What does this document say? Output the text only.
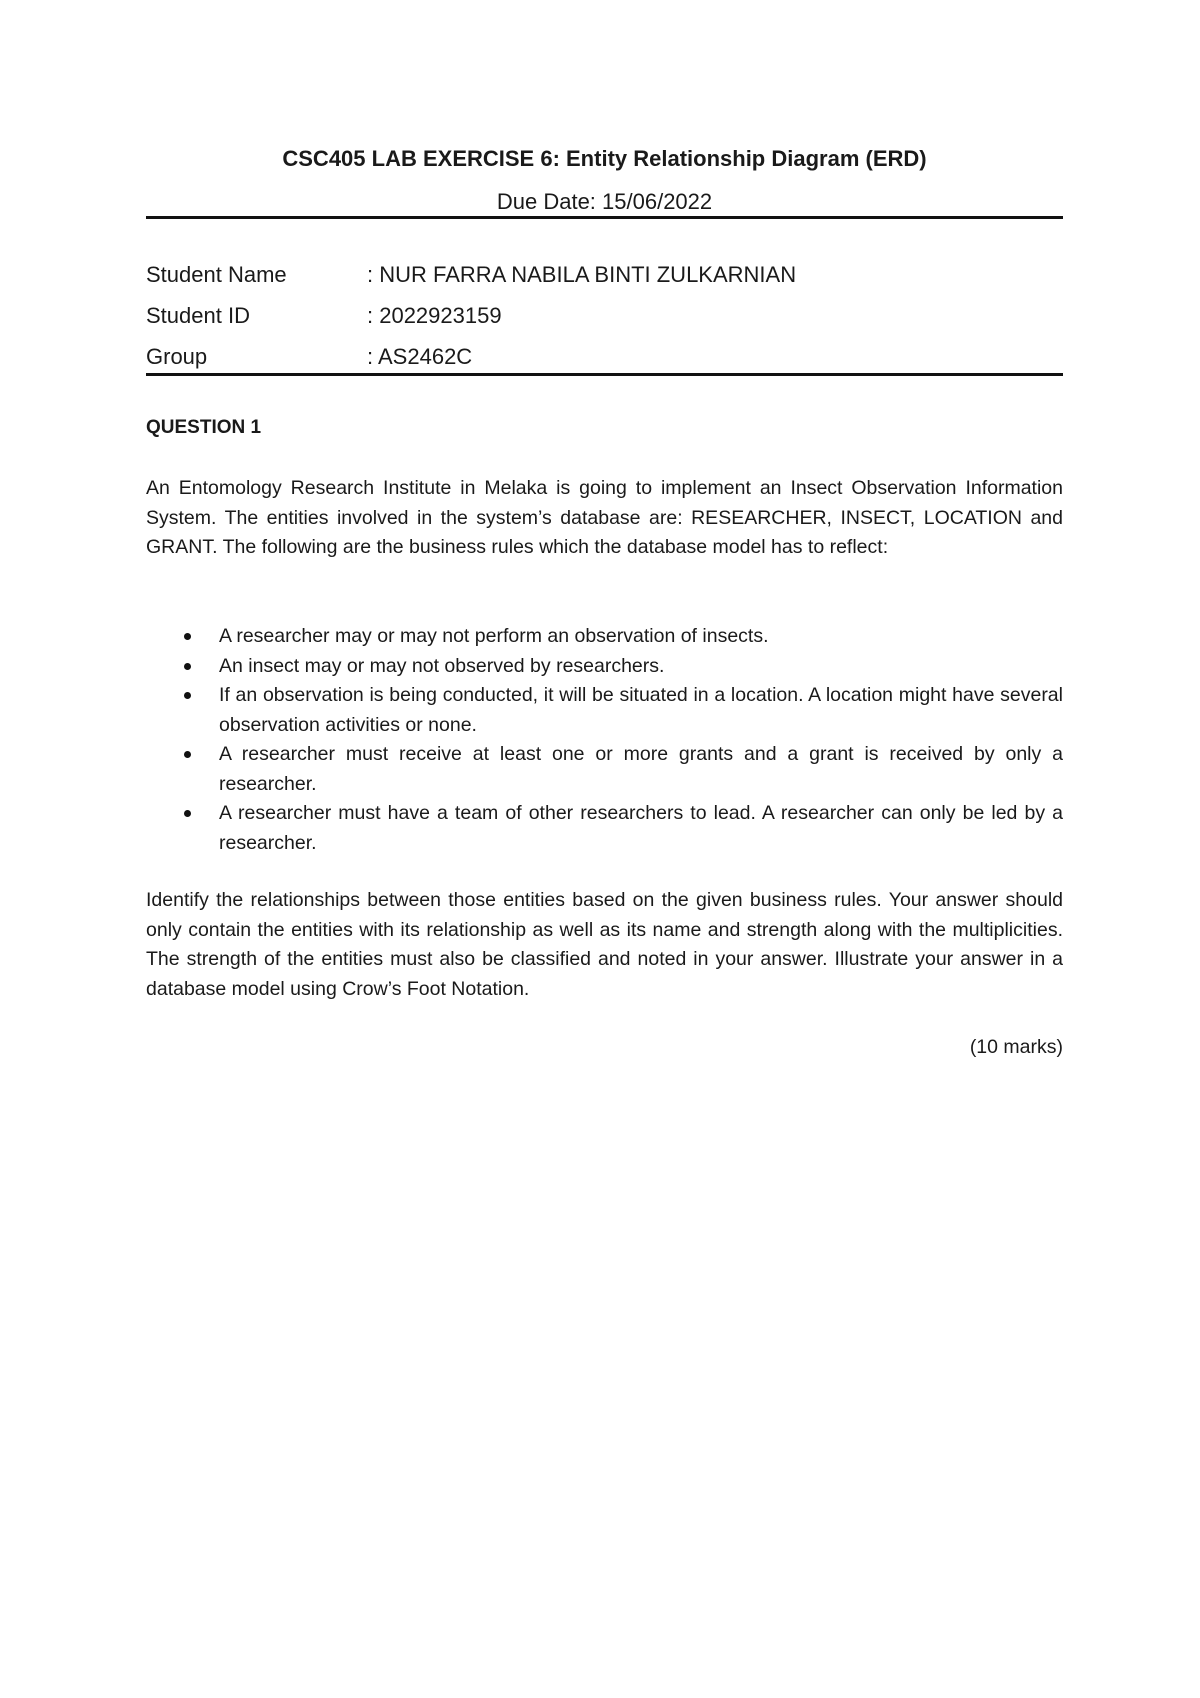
CSC405 LAB EXERCISE 6: Entity Relationship Diagram (ERD)
Due Date: 15/06/2022
Student Name	: NUR FARRA NABILA BINTI ZULKARNIAN
Student ID	: 2022923159
Group	: AS2462C
QUESTION 1
An Entomology Research Institute in Melaka is going to implement an Insect Observation Information System. The entities involved in the system’s database are: RESEARCHER, INSECT, LOCATION and GRANT. The following are the business rules which the database model has to reflect:
A researcher may or may not perform an observation of insects.
An insect may or may not observed by researchers.
If an observation is being conducted, it will be situated in a location. A location might have several observation activities or none.
A researcher must receive at least one or more grants and a grant is received by only a researcher.
A researcher must have a team of other researchers to lead. A researcher can only be led by a researcher.
Identify the relationships between those entities based on the given business rules. Your answer should only contain the entities with its relationship as well as its name and strength along with the multiplicities. The strength of the entities must also be classified and noted in your answer. Illustrate your answer in a database model using Crow’s Foot Notation.
(10 marks)
